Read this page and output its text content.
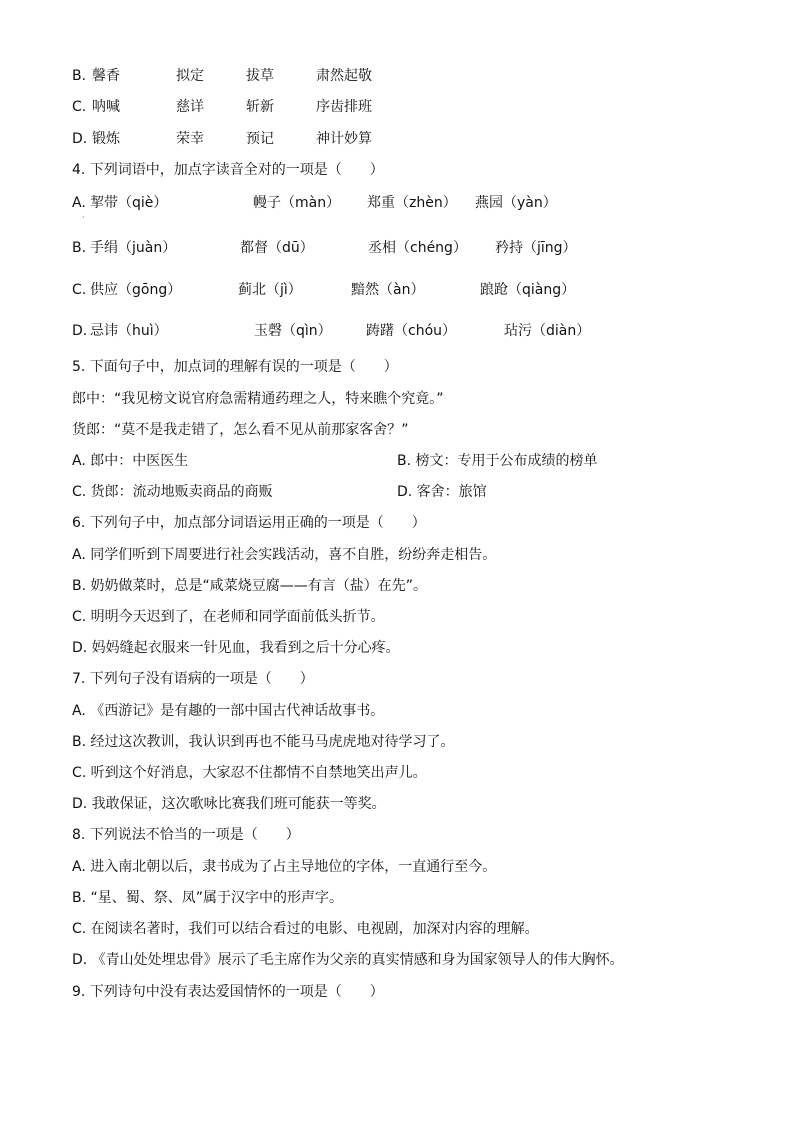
B. 馨香	拟定	拔草	肃然起敬
C. 呐喊	慈详	斩新	序齿排班
D. 锻炼	荣幸	预记	神计妙算
4. 下列词语中，加点字读音全对的一项是（　　）
A. 挈带（qiè）	幔子（màn） 郑重（zhèn） 燕园（yàn）
·
B. 手绢（juàn）	都督（dū）	丞相（chéng） 矜持（jīng）
C. 供应（gōng）	蓟北（jì）	黯然（àn）	踉跄（qiàng）
D. 忌讳（huì）	玉磬（qìn） 踌躇（chóu）	玷污（diàn）
5. 下面句子中，加点词的理解有误的一项是（　　）
郎中：“我见榜文说官府急需精通药理之人，特来瞧个究竟。”
货郎：“莫不是我走错了，怎么看不见从前那家客舍？”
A. 郎中：中医医生	B. 榜文：专用于公布成绩的榜单
C. 货郎：流动地贩卖商品的商贩	D. 客舍：旅馆
6. 下列句子中，加点部分词语运用正确的一项是（　　）
A. 同学们听到下周要进行社会实践活动，喜不自胜，纷纷奔走相告。
B. 奶奶做菜时，总是“咸菜烧豆腐——有言（盐）在先”。
C. 明明今天迟到了，在老师和同学面前低头折节。
D. 妈妈缝起衣服来一针见血，我看到之后十分心疼。
7. 下列句子没有语病的一项是（　　）
A. 《西游记》是有趣的一部中国古代神话故事书。
B. 经过这次教训，我认识到再也不能马马虎虎地对待学习了。
C. 听到这个好消息，大家忍不住都情不自禁地笑出声儿。
D. 我敢保证，这次歌咏比赛我们班可能获一等奖。
8. 下列说法不恰当的一项是（　　）
A. 进入南北朝以后，隶书成为了占主导地位的字体，一直通行至今。
B. “星、蜀、祭、凤”属于汉字中的形声字。
C. 在阅读名著时，我们可以结合看过的电影、电视剧，加深对内容的理解。
D. 《青山处处埋忠骨》展示了毛主席作为父亲的真实情感和身为国家领导人的伟大胸怀。
9. 下列诗句中没有表达爱国情怀的一项是（　　）
